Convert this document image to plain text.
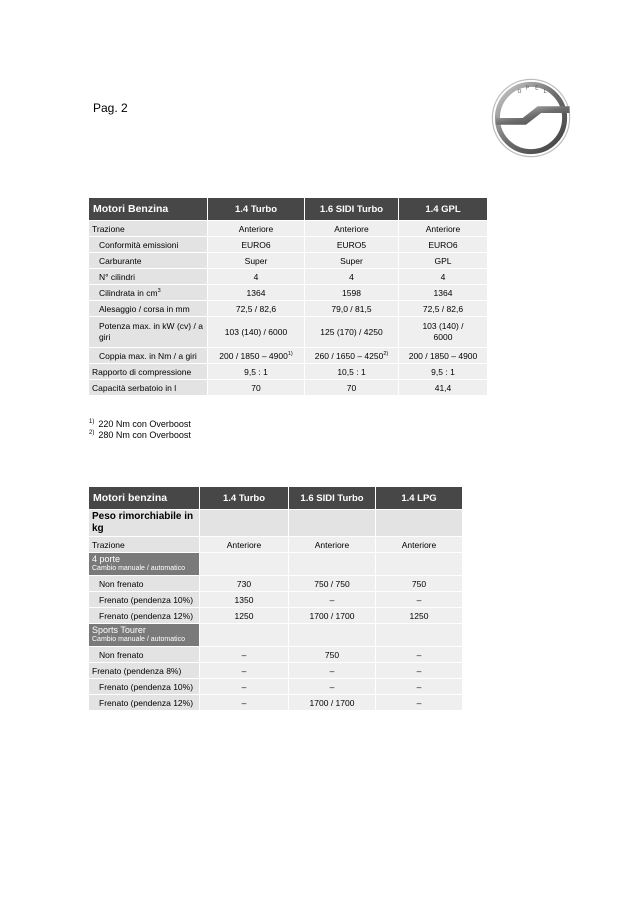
Pag. 2
O
P E
L
Motori Benzina	1.4 Turbo	1.6 SIDI Turbo	1.4 GPL
Trazione	Anteriore	Anteriore	Anteriore
Conformità emissioni	EURO6	EURO5	EURO6
Carburante	Super	Super	GPL
N° cilindri	4	4	4
Cilindrata in $cm^3$	1364	1598	1364
Alesaggio / corsa in mm	72,5 / 82,6	79,0 / 81,5	72,5 / 82,6
Potenza max. in kW (cv) / a giri	103 (140) / 6000	125 (170) / 4250	103 (140) / 6000
Coppia max. in Nm / a giri	200 / 1850 – 4900$^{1)}$	260 / 1650 – 4250$^{2)}$	200 / 1850 – 4900
Rapporto di compressione	9,5 : 1	10,5 : 1	9,5 : 1
Capacità serbatoio in l	70	70	41,4
$^{1)}$ 220 Nm con Overboost
$^{2)}$ 280 Nm con Overboost
Motori benzina	1.4 Turbo	1.6 SIDI Turbo	1.4 LPG
Peso rimorchiabile in kg			
Trazione	Anteriore	Anteriore	Anteriore

4 porte
Cambio manuale / automatico			

Non frenato	730	750 / 750	750
Frenato (pendenza 10%)	1350	–	–
Frenato (pendenza 12%)	1250	1700 / 1700	1250

Sports Tourer
Cambio manuale / automatico			

Non frenato	–	750	–
Frenato (pendenza 8%)	–	–	–
Frenato (pendenza 10%)	–	–	–
Frenato (pendenza 12%)	–	1700 / 1700	–
